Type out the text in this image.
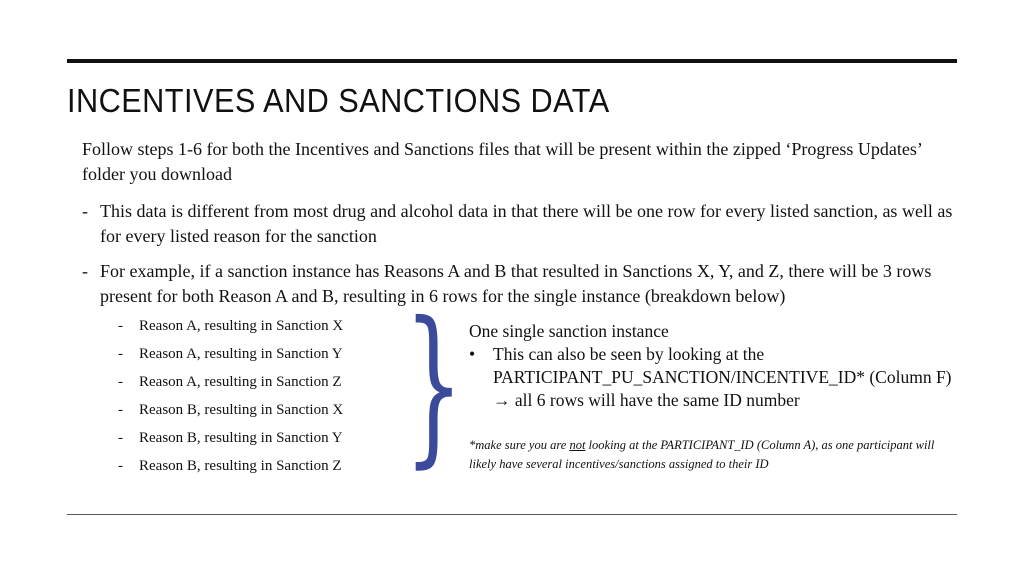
INCENTIVES AND SANCTIONS DATA
Follow steps 1-6 for both the Incentives and Sanctions files that will be present within the zipped ‘Progress Updates’ folder you download
- This data is different from most drug and alcohol data in that there will be one row for every listed sanction, as well as for every listed reason for the sanction
- For example, if a sanction instance has Reasons A and B that resulted in Sanctions X, Y, and Z, there will be 3 rows present for both Reason A and B, resulting in 6 rows for the single instance (breakdown below)
- Reason A, resulting in Sanction X
- Reason A, resulting in Sanction Y
- Reason A, resulting in Sanction Z
- Reason B, resulting in Sanction X
- Reason B, resulting in Sanction Y
- Reason B, resulting in Sanction Z } One single sanction instance
• This can also be seen by looking at the PARTICIPANT_PU_SANCTION/INCENTIVE_ID* (Column F) → all 6 rows will have the same ID number
*make sure you are not looking at the PARTICIPANT_ID (Column A), as one participant will likely have several incentives/sanctions assigned to their ID
